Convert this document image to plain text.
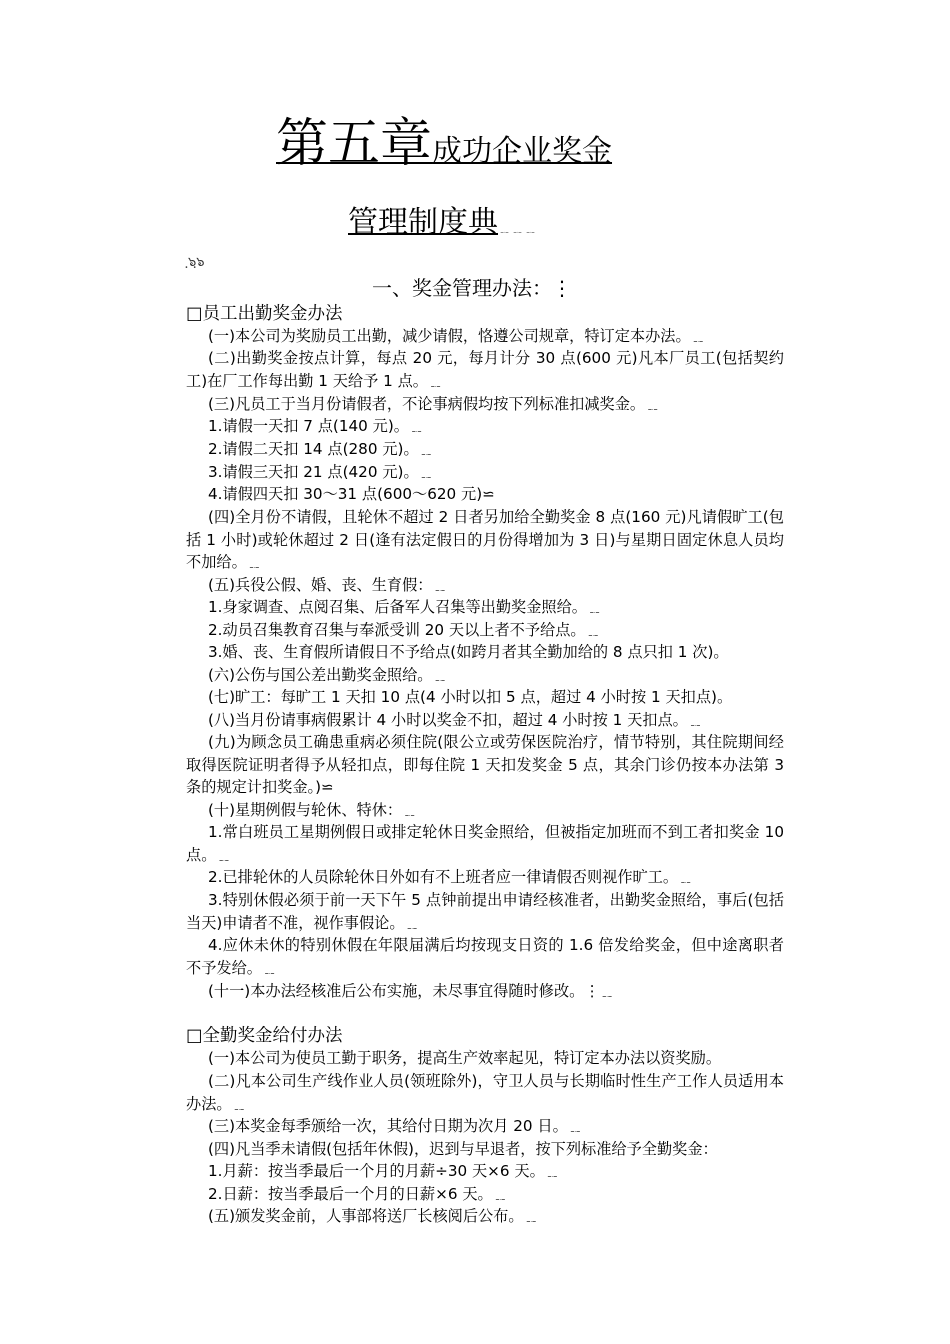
第五章成功企业奖金
管理制度典﹎﹎﹎
ฺ๖ฺ๖
一、奖金管理办法：⋮
□员工出勤奖金办法
(一)本公司为奖励员工出勤，减少请假，恪遵公司规章，特订定本办法。﹎
(二)出勤奖金按点计算，每点 20 元，每月计分 30 点(600 元)凡本厂员工(包括契约工)在厂工作每出勤 1 天给予 1 点。﹎
(三)凡员工于当月份请假者，不论事病假均按下列标准扣减奖金。﹎
1.请假一天扣 7 点(140 元)。﹎
2.请假二天扣 14 点(280 元)。﹎
3.请假三天扣 21 点(420 元)。﹎
4.请假四天扣 30～31 点(600～620 元)⋍
(四)全月份不请假，且轮休不超过 2 日者另加给全勤奖金 8 点(160 元)凡请假旷工(包括 1 小时)或轮休超过 2 日(逢有法定假日的月份得增加为 3 日)与星期日固定休息人员均不加给。﹎
(五)兵役公假、婚、丧、生育假：﹎
1.身家调查、点阅召集、后备军人召集等出勤奖金照给。﹎
2.动员召集教育召集与奉派受训 20 天以上者不予给点。﹎
3.婚、丧、生育假所请假日不予给点(如跨月者其全勤加给的 8 点只扣 1 次)。
(六)公伤与国公差出勤奖金照给。﹎
(七)旷工：每旷工 1 天扣 10 点(4 小时以扣 5 点，超过 4 小时按 1 天扣点)。
(八)当月份请事病假累计 4 小时以奖金不扣，超过 4 小时按 1 天扣点。﹎
(九)为顾念员工确患重病必须住院(限公立或劳保医院治疗，情节特别，其住院期间经取得医院证明者得予从轻扣点，即每住院 1 天扣发奖金 5 点，其余门诊仍按本办法第 3 条的规定计扣奖金。)⋍
(十)星期例假与轮休、特休：﹎
1.常白班员工星期例假日或排定轮休日奖金照给，但被指定加班而不到工者扣奖金 10 点。﹎
2.已排轮休的人员除轮休日外如有不上班者应一律请假否则视作旷工。﹎
3.特别休假必须于前一天下午 5 点钟前提出申请经核准者，出勤奖金照给，事后(包括当天)申请者不准，视作事假论。﹎
4.应休未休的特别休假在年限届满后均按现支日资的 1.6 倍发给奖金，但中途离职者不予发给。﹎
(十一)本办法经核准后公布实施，未尽事宜得随时修改。⋮﹎
□全勤奖金给付办法
(一)本公司为使员工勤于职务，提高生产效率起见，特订定本办法以资奖励。
(二)凡本公司生产线作业人员(领班除外)，守卫人员与长期临时性生产工作人员适用本办法。﹎
(三)本奖金每季颁给一次，其给付日期为次月 20 日。﹎
(四)凡当季未请假(包括年休假)，迟到与早退者，按下列标准给予全勤奖金：
1.月薪：按当季最后一个月的月薪÷30 天×6 天。﹎
2.日薪：按当季最后一个月的日薪×6 天。﹎
(五)颁发奖金前，人事部将送厂长核阅后公布。﹎
